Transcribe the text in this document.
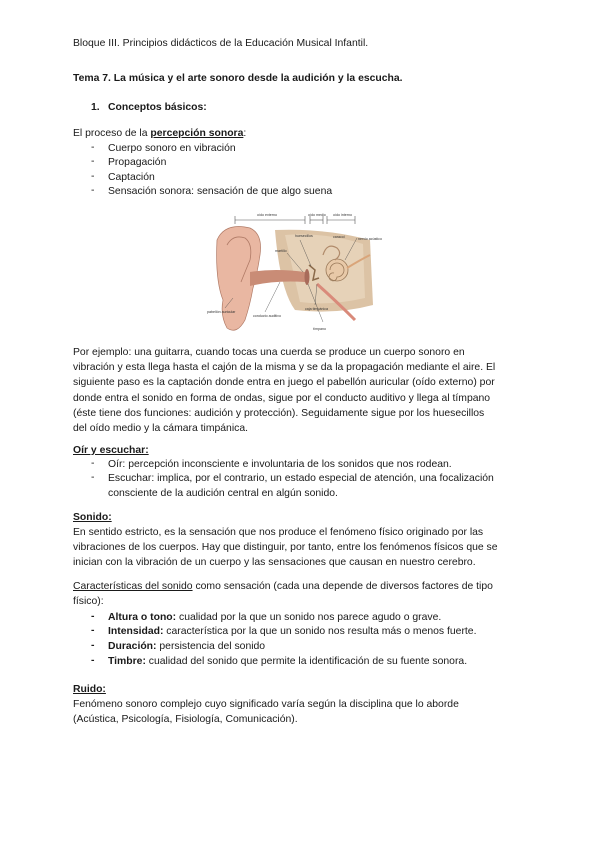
Bloque III. Principios didácticos de la Educación Musical Infantil.
Tema 7. La música y el arte sonoro desde la audición y la escucha.
1. Conceptos básicos:
El proceso de la percepción sonora:
- Cuerpo sonoro en vibración
- Propagación
- Captación
- Sensación sonora: sensación de que algo suena
oído externo	oído medio oído interno
huesecillos
martillo
conducto auditivo
pabellón auricular
tímpano
caracol
caja timpánica
nervio acústico
Por ejemplo: una guitarra, cuando tocas una cuerda se produce un cuerpo sonoro en
vibración y esta llega hasta el cajón de la misma y se da la propagación mediante el aire. El
siguiente paso es la captación donde entra en juego el pabellón auricular (oído externo) por
donde entra el sonido en forma de ondas, sigue por el conducto auditivo y llega al tímpano
(éste tiene dos funciones: audición y protección). Seguidamente sigue por los huesecillos
del oído medio y la cámara timpánica.
Oír y escuchar:
- Oír: percepción inconsciente e involuntaria de los sonidos que nos rodean.
- Escuchar: implica, por el contrario, un estado especial de atención, una focalización
consciente de la audición central en algún sonido.
Sonido:
En sentido estricto, es la sensación que nos produce el fenómeno físico originado por las
vibraciones de los cuerpos. Hay que distinguir, por tanto, entre los fenómenos físicos que se
inician con la vibración de un cuerpo y las sensaciones que causan en nuestro cerebro.
Características del sonido como sensación (cada una depende de diversos factores de tipo
físico):
- Altura o tono: cualidad por la que un sonido nos parece agudo o grave.
- Intensidad: característica por la que un sonido nos resulta más o menos fuerte.
- Duración: persistencia del sonido
- Timbre: cualidad del sonido que permite la identificación de su fuente sonora.
Ruido:
Fenómeno sonoro complejo cuyo significado varía según la disciplina que lo aborde
(Acústica, Psicología, Fisiología, Comunicación).
